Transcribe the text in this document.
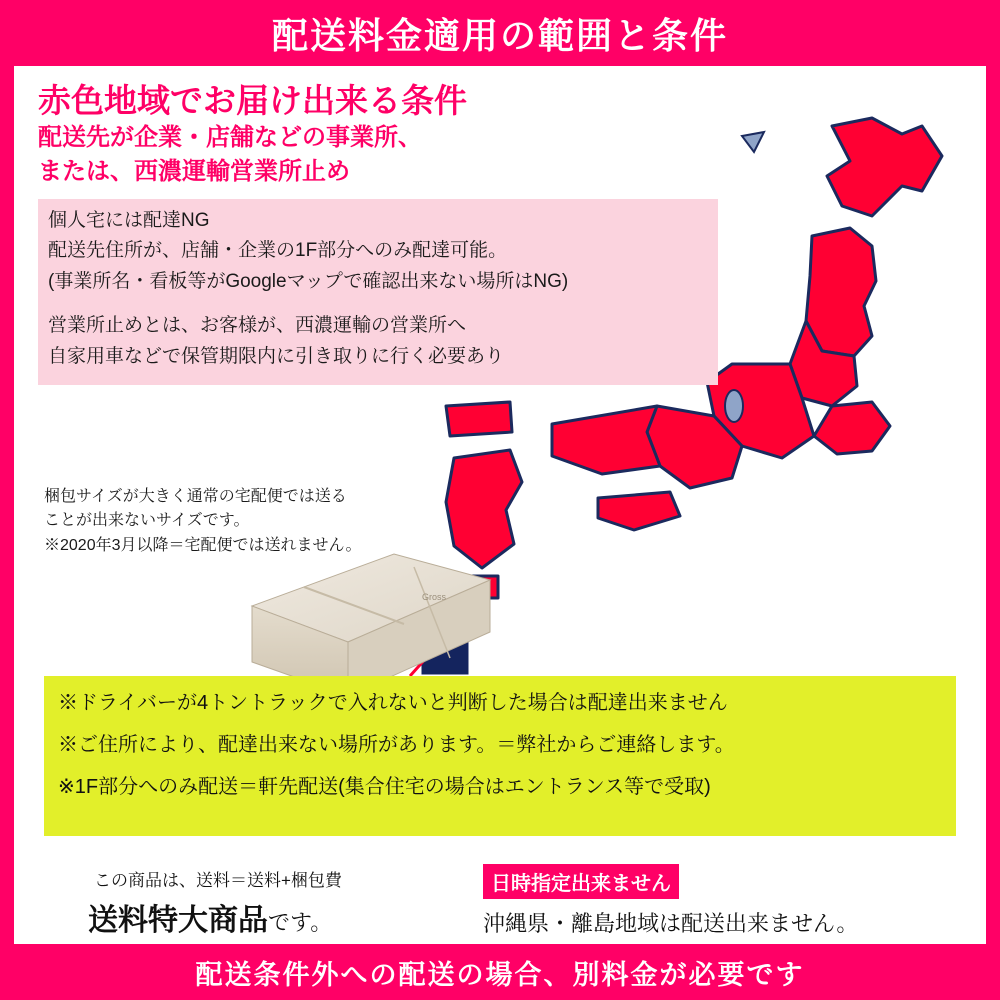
配送料金適用の範囲と条件
赤色地域でお届け出来る条件
配送先が企業・店舗などの事業所、
または、西濃運輸営業所止め

個人宅には配達NG

配送先住所が、店舗・企業の1F部分へのみ配達可能。

(事業所名・看板等がGoogleマップで確認出来ない場所はNG)

営業所止めとは、お客様が、西濃運輸の営業所へ

自家用車などで保管期限内に引き取りに行く必要あり

梱包サイズが大きく通常の宅配便では送る

ことが出来ないサイズです。

※2020年3月以降＝宅配便では送れません。

Gross

※ドライバーが4トントラックで入れないと判断した場合は配達出来ません

※ご住所により、配達出来ない場所があります。＝弊社からご連絡します。

※1F部分へのみ配送＝軒先配送(集合住宅の場合はエントランス等で受取)

この商品は、送料＝送料+梱包費

送料特大商品です。

日時指定出来ません

沖縄県・離島地域は配送出来ません。

配送条件外への配送の場合、別料金が必要です
